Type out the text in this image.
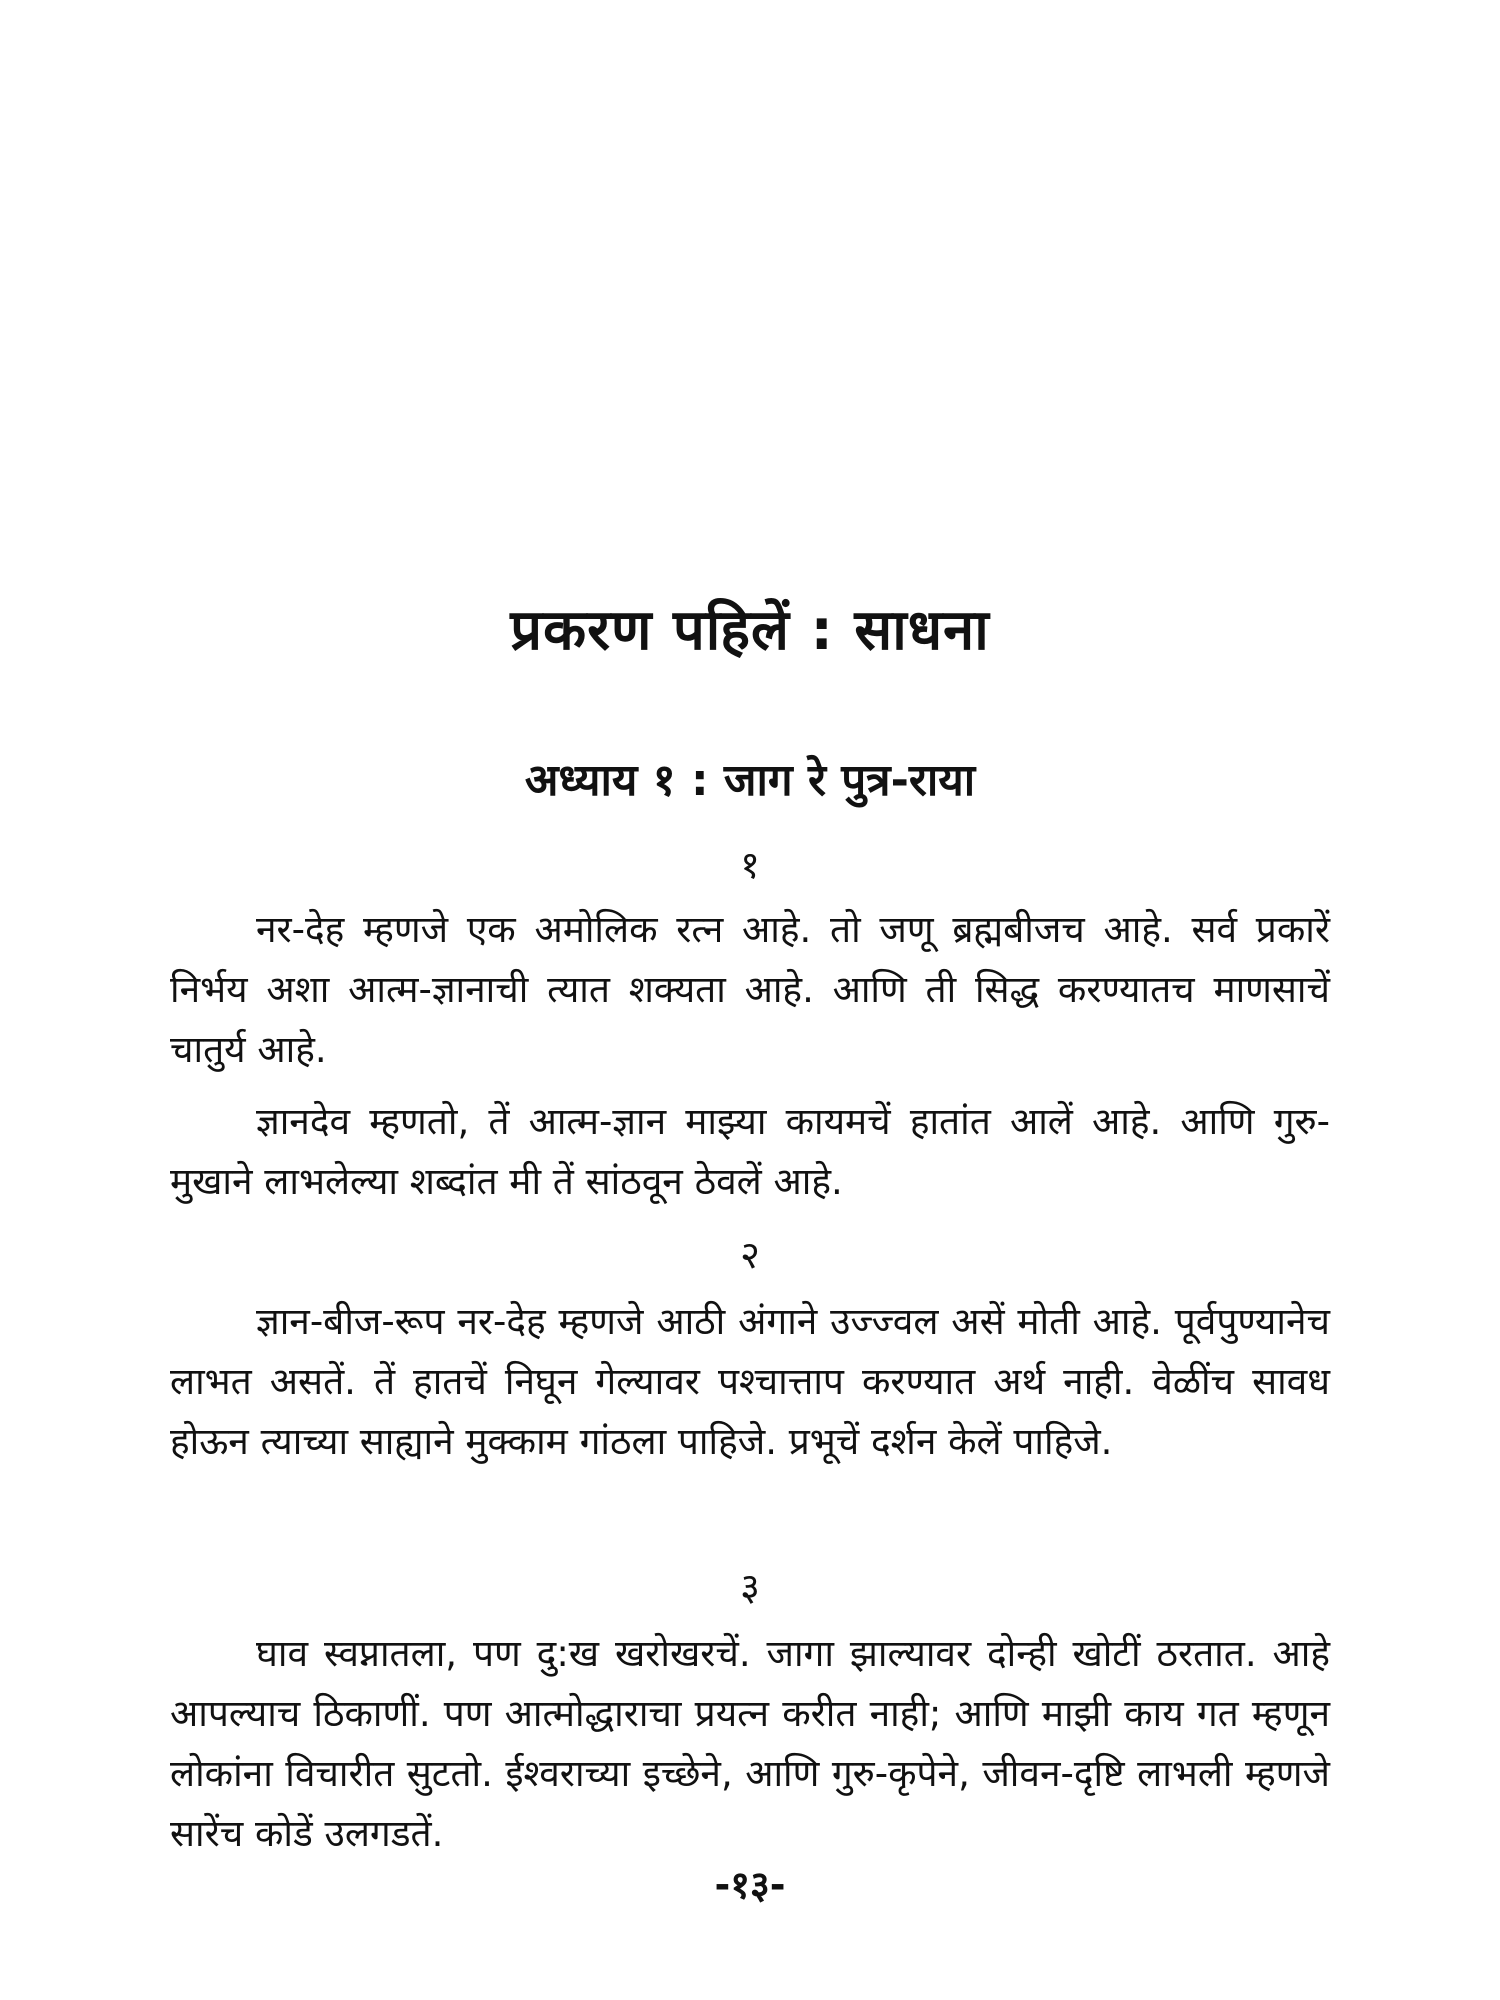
प्रकरण पहिलें : साधना
अध्याय १ : जाग रे पुत्र-राया
१
नर-देह म्हणजे एक अमोलिक रत्न आहे. तो जणू ब्रह्मबीजच आहे. सर्व प्रकारें निर्भय अशा आत्म-ज्ञानाची त्यात शक्यता आहे. आणि ती सिद्ध करण्यातच माणसाचें चातुर्य आहे.
ज्ञानदेव म्हणतो, तें आत्म-ज्ञान माझ्या कायमचें हातांत आलें आहे. आणि गुरु-मुखाने लाभलेल्या शब्दांत मी तें सांठवून ठेवलें आहे.
२
ज्ञान-बीज-रूप नर-देह म्हणजे आठी अंगाने उज्ज्वल असें मोती आहे. पूर्वपुण्यानेच लाभत असतें. तें हातचें निघून गेल्यावर पश्चात्ताप करण्यात अर्थ नाही. वेळींच सावध होऊन त्याच्या साह्याने मुक्काम गांठला पाहिजे. प्रभूचें दर्शन केलें पाहिजे.
३
घाव स्वप्नातला, पण दु:ख खरोखरचें. जागा झाल्यावर दोन्ही खोटीं ठरतात. आहे आपल्याच ठिकाणीं. पण आत्मोद्धाराचा प्रयत्न करीत नाही; आणि माझी काय गत म्हणून लोकांना विचारीत सुटतो. ईश्वराच्या इच्छेने, आणि गुरु-कृपेने, जीवन-दृष्टि लाभली म्हणजे सारेंच कोडें उलगडतें.
-१३-
